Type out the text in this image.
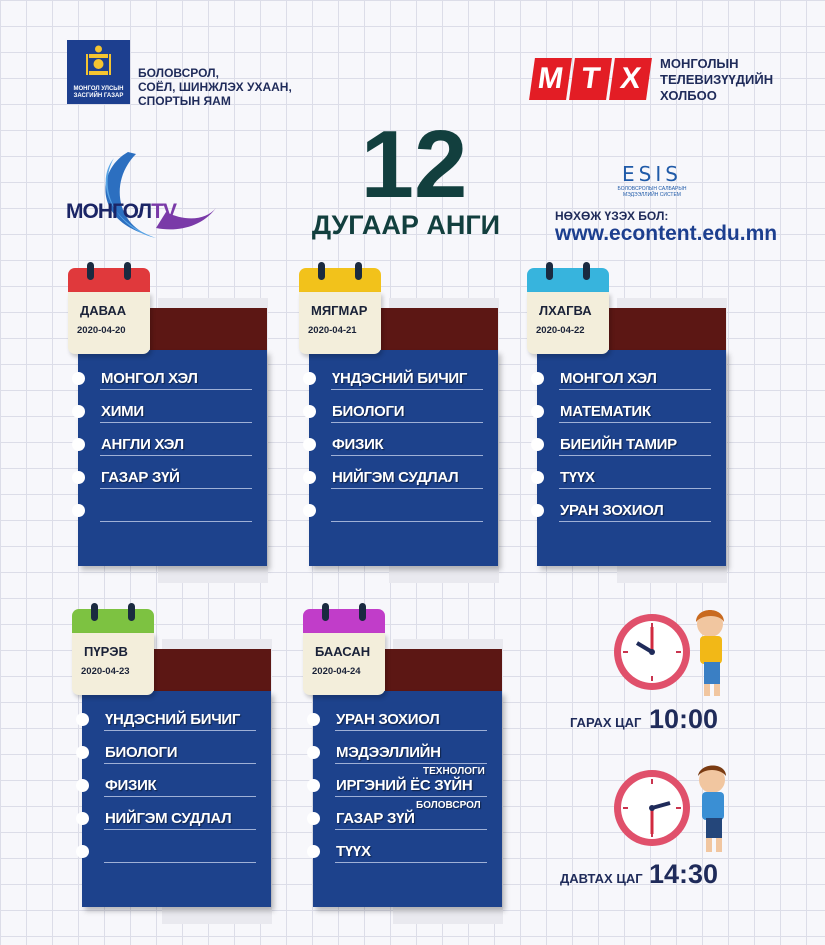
МОНГОЛ УЛСЫН
ЗАСГИЙН ГАЗАР
БОЛОВСРОЛ,
СОЁЛ, ШИНЖЛЭХ УХААН,
СПОРТЫН ЯАМ
М Т Х	МОНГОЛЫН
ТЕЛЕВИЗҮҮДИЙН
ХОЛБОО
МОНГОЛTV 12
ДУГААР АНГИ
ESIS
БОЛОВСРОЛЫН САЛБАРЫН
МЭДЭЭЛЛИЙН СИСТЕМ
НӨХӨЖ ҮЗЭХ БОЛ:
www.econtent.edu.mn
ДАВАА
2020-04-20
МОНГОЛ ХЭЛ
ХИМИ
АНГЛИ ХЭЛ
ГАЗАР ЗҮЙ
МЯГМАР
2020-04-21
ҮНДЭСНИЙ БИЧИГ
БИОЛОГИ
ФИЗИК
НИЙГЭМ СУДЛАЛ
ЛХАГВА
2020-04-22
МОНГОЛ ХЭЛ
МАТЕМАТИК
БИЕИЙН ТАМИР
ТҮҮХ
УРАН ЗОХИОЛ
ПҮРЭВ
2020-04-23
ҮНДЭСНИЙ БИЧИГ
БИОЛОГИ
ФИЗИК
НИЙГЭМ СУДЛАЛ
БААСАН
2020-04-24
УРАН ЗОХИОЛ
МЭДЭЭЛЛИЙН
ИРГЭНИЙ ЁС ЗҮЙН
ГАЗАР ЗҮЙ
ТҮҮХ
ТЕХНОЛОГИ
БОЛОВСРОЛ
ГАРАХ ЦАГ 10:00
ДАВТАХ ЦАГ 14:30
